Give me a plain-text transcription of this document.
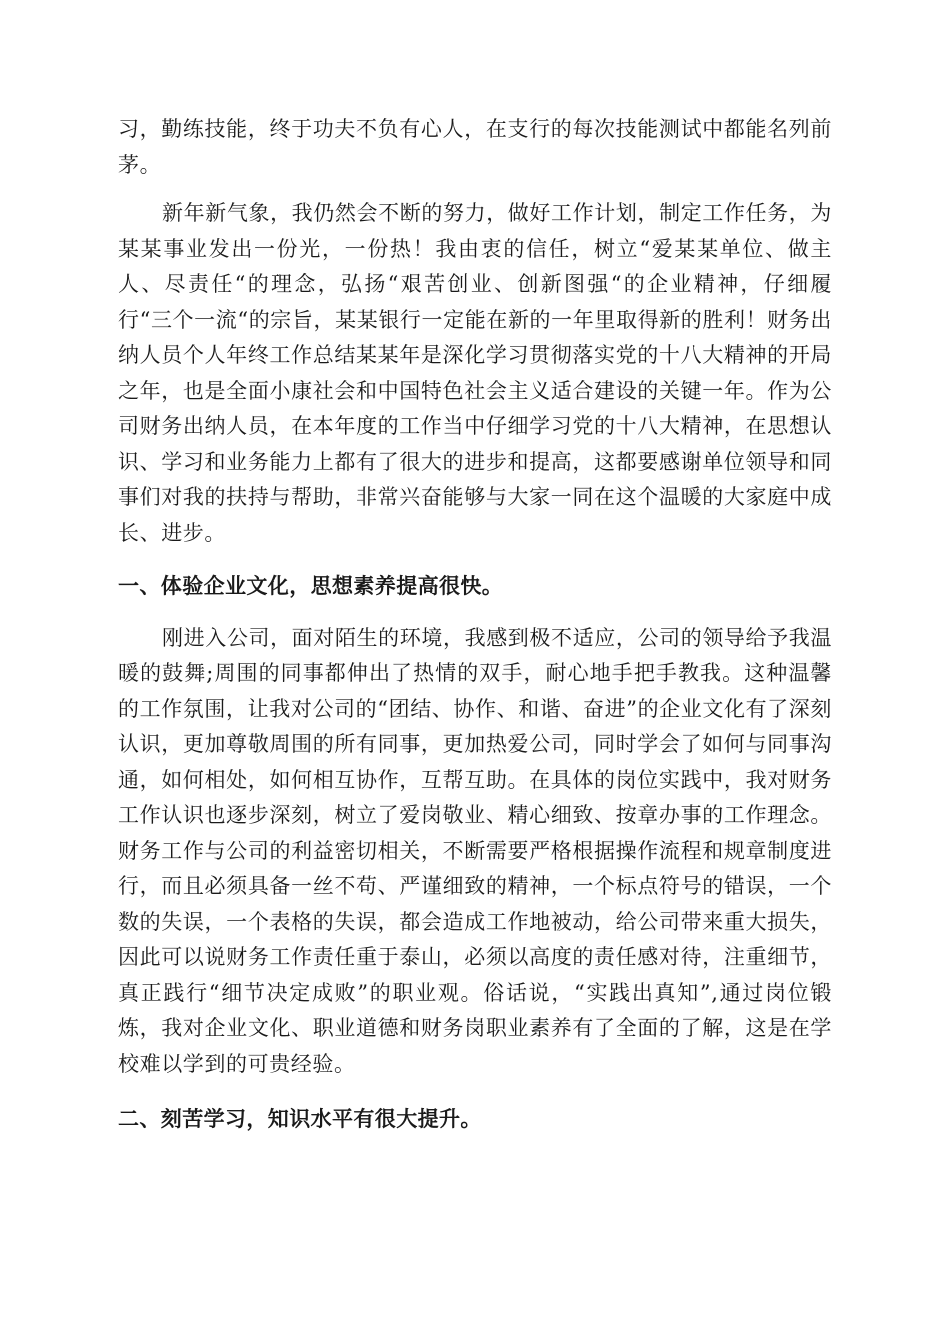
习，勤练技能，终于功夫不负有心人，在支行的每次技能测试中都能名列前茅。

新年新气象，我仍然会不断的努力，做好工作计划，制定工作任务，为某某事业发出一份光，一份热！我由衷的信任，树立“爱某某单位、做主人、尽责任“的理念，弘扬“艰苦创业、创新图强“的企业精神，仔细履行“三个一流“的宗旨，某某银行一定能在新的一年里取得新的胜利！财务出纳人员个人年终工作总结某某年是深化学习贯彻落实党的十八大精神的开局之年，也是全面小康社会和中国特色社会主义适合建设的关键一年。作为公司财务出纳人员，在本年度的工作当中仔细学习党的十八大精神，在思想认识、学习和业务能力上都有了很大的进步和提高，这都要感谢单位领导和同事们对我的扶持与帮助，非常兴奋能够与大家一同在这个温暖的大家庭中成长、进步。

一、体验企业文化，思想素养提高很快。

刚进入公司，面对陌生的环境，我感到极不适应，公司的领导给予我温暖的鼓舞;周围的同事都伸出了热情的双手，耐心地手把手教我。这种温馨的工作氛围，让我对公司的“团结、协作、和谐、奋进”的企业文化有了深刻认识，更加尊敬周围的所有同事，更加热爱公司，同时学会了如何与同事沟通，如何相处，如何相互协作，互帮互助。在具体的岗位实践中，我对财务工作认识也逐步深刻，树立了爱岗敬业、精心细致、按章办事的工作理念。财务工作与公司的利益密切相关，不断需要严格根据操作流程和规章制度进行，而且必须具备一丝不苟、严谨细致的精神，一个标点符号的错误，一个数的失误，一个表格的失误，都会造成工作地被动，给公司带来重大损失，因此可以说财务工作责任重于泰山，必须以高度的责任感对待，注重细节，真正践行“细节决定成败”的职业观。俗话说，“实践出真知”,通过岗位锻炼，我对企业文化、职业道德和财务岗职业素养有了全面的了解，这是在学校难以学到的可贵经验。

二、刻苦学习，知识水平有很大提升。
